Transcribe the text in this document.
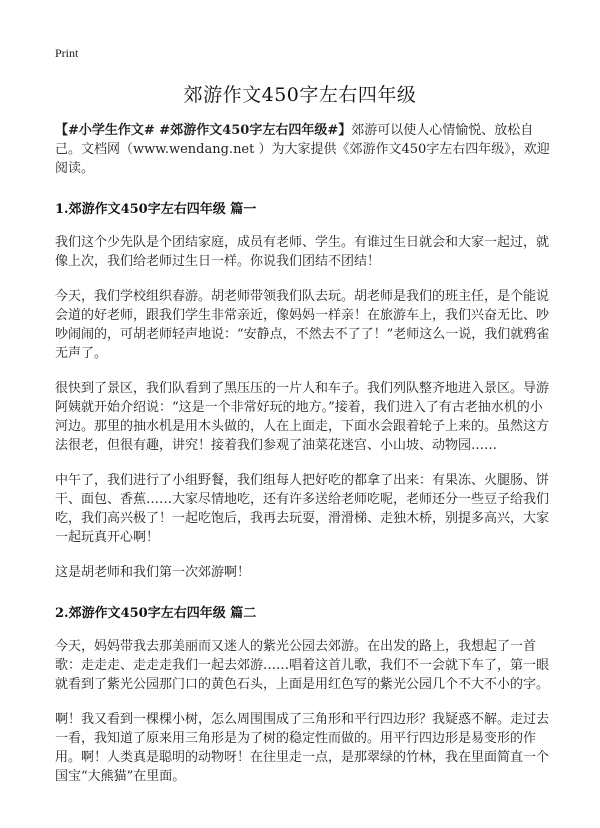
Print
郊游作文450字左右四年级

【#小学生作文# #郊游作文450字左右四年级#】郊游可以使人心情愉悦、放松自己。文档网（www.wendang.net ）为大家提供《郊游作文450字左右四年级》，欢迎阅读。

1.郊游作文450字左右四年级 篇一

我们这个少先队是个团结家庭，成员有老师、学生。有谁过生日就会和大家一起过，就像上次，我们给老师过生日一样。你说我们团结不团结！

今天，我们学校组织春游。胡老师带领我们队去玩。胡老师是我们的班主任，是个能说会道的好老师，跟我们学生非常亲近，像妈妈一样亲！在旅游车上，我们兴奋无比、吵吵闹闹的，可胡老师轻声地说：“安静点，不然去不了了！”老师这么一说，我们就鸦雀无声了。

很快到了景区，我们队看到了黑压压的一片人和车子。我们列队整齐地进入景区。导游阿姨就开始介绍说：“这是一个非常好玩的地方。”接着，我们进入了有古老抽水机的小河边。那里的抽水机是用木头做的，人在上面走，下面水会跟着轮子上来的。虽然这方法很老，但很有趣，讲究！接着我们参观了油菜花迷宫、小山坡、动物园……

中午了，我们进行了小组野餐，我们组每人把好吃的都拿了出来：有果冻、火腿肠、饼干、面包、香蕉……大家尽情地吃，还有许多送给老师吃呢，老师还分一些豆子给我们吃，我们高兴极了！一起吃饱后，我再去玩耍，滑滑梯、走独木桥，别提多高兴，大家一起玩真开心啊！

这是胡老师和我们第一次郊游啊！

2.郊游作文450字左右四年级 篇二

今天，妈妈带我去那美丽而又迷人的紫光公园去郊游。在出发的路上，我想起了一首歌：走走走、走走走我们一起去郊游……唱着这首儿歌，我们不一会就下车了，第一眼就看到了紫光公园那门口的黄色石头，上面是用红色写的紫光公园几个不大不小的字。

啊！我又看到一棵棵小树，怎么周围围成了三角形和平行四边形？我疑惑不解。走过去一看，我知道了原来用三角形是为了树的稳定性而做的。用平行四边形是易变形的作用。啊！人类真是聪明的动物呀！在往里走一点，是那翠绿的竹林，我在里面简直一个国宝“大熊猫”在里面。
